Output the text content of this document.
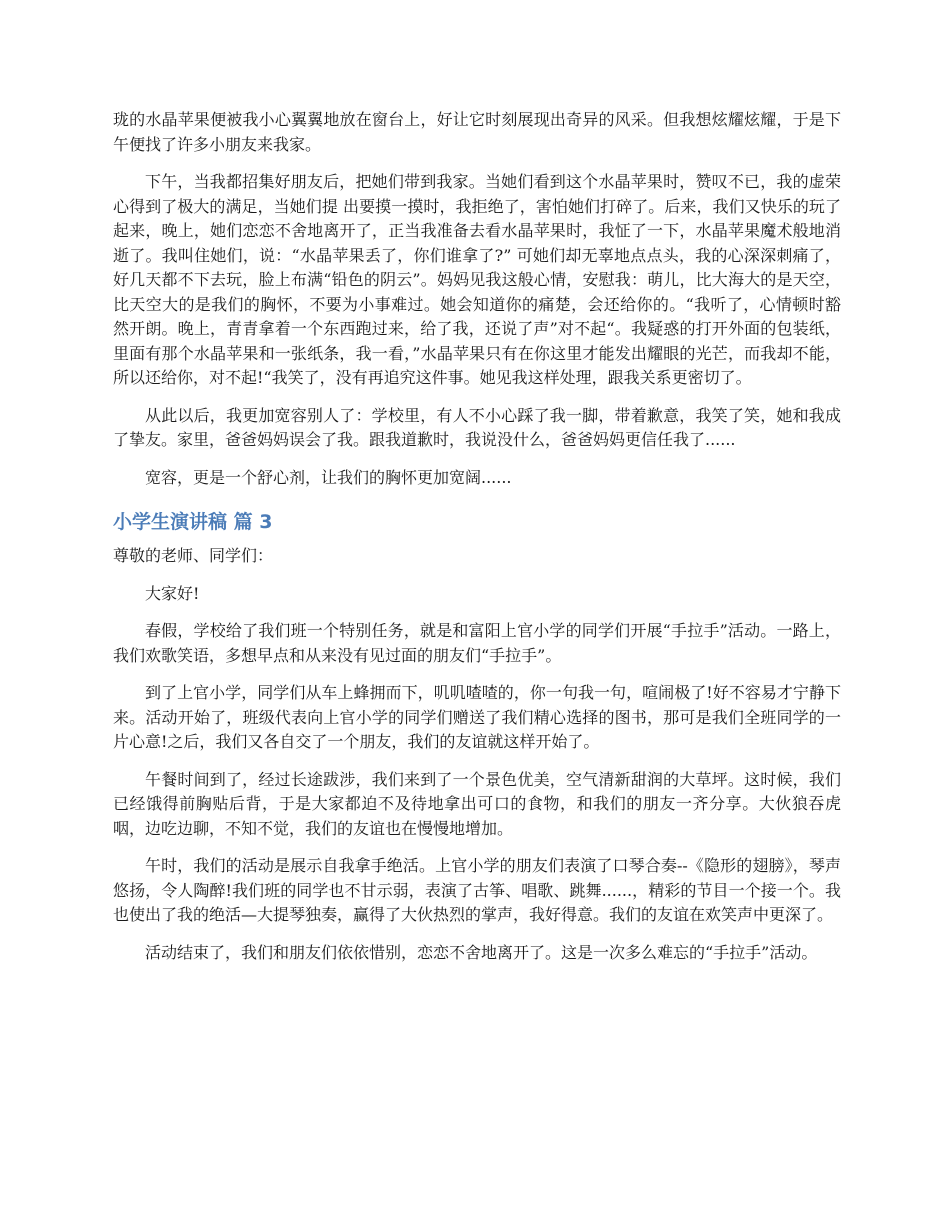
珑的水晶苹果便被我小心翼翼地放在窗台上，好让它时刻展现出奇异的风采。但我想炫耀炫耀，于是下午便找了许多小朋友来我家。

下午，当我都招集好朋友后，把她们带到我家。当她们看到这个水晶苹果时，赞叹不已，我的虚荣心得到了极大的满足，当她们提 出要摸一摸时，我拒绝了，害怕她们打碎了。后来，我们又快乐的玩了起来，晚上，她们恋恋不舍地离开了，正当我准备去看水晶苹果时，我怔了一下，水晶苹果魔术般地消逝了。我叫住她们，说：“水晶苹果丢了，你们谁拿了?” 可她们却无辜地点点头，我的心深深刺痛了，好几天都不下去玩，脸上布满“铅色的阴云”。妈妈见我这般心情，安慰我：萌儿，比大海大的是天空，比天空大的是我们的胸怀，不要为小事难过。她会知道你的痛楚，会还给你的。“我听了，心情顿时豁然开朗。晚上，青青拿着一个东西跑过来，给了我，还说了声”对不起“。我疑惑的打开外面的包装纸，里面有那个水晶苹果和一张纸条，我一看，”水晶苹果只有在你这里才能发出耀眼的光芒，而我却不能，所以还给你，对不起!“我笑了，没有再追究这件事。她见我这样处理，跟我关系更密切了。

从此以后，我更加宽容别人了：学校里，有人不小心踩了我一脚，带着歉意，我笑了笑，她和我成了挚友。家里，爸爸妈妈误会了我。跟我道歉时，我说没什么，爸爸妈妈更信任我了......

宽容，更是一个舒心剂，让我们的胸怀更加宽阔......

小学生演讲稿 篇 3

尊敬的老师、同学们：

大家好!

春假，学校给了我们班一个特别任务，就是和富阳上官小学的同学们开展“手拉手”活动。一路上，我们欢歌笑语，多想早点和从来没有见过面的朋友们“手拉手”。

到了上官小学，同学们从车上蜂拥而下，叽叽喳喳的，你一句我一句，喧闹极了!好不容易才宁静下来。活动开始了，班级代表向上官小学的同学们赠送了我们精心选择的图书，那可是我们全班同学的一片心意!之后，我们又各自交了一个朋友，我们的友谊就这样开始了。

午餐时间到了，经过长途跋涉，我们来到了一个景色优美，空气清新甜润的大草坪。这时候，我们已经饿得前胸贴后背，于是大家都迫不及待地拿出可口的食物，和我们的朋友一齐分享。大伙狼吞虎咽，边吃边聊，不知不觉，我们的友谊也在慢慢地增加。

午时，我们的活动是展示自我拿手绝活。上官小学的朋友们表演了口琴合奏--《隐形的翅膀》，琴声悠扬，令人陶醉!我们班的同学也不甘示弱，表演了古筝、唱歌、跳舞......，精彩的节目一个接一个。我也使出了我的绝活—大提琴独奏，赢得了大伙热烈的掌声，我好得意。我们的友谊在欢笑声中更深了。

活动结束了，我们和朋友们依依惜别，恋恋不舍地离开了。这是一次多么难忘的“手拉手”活动。
